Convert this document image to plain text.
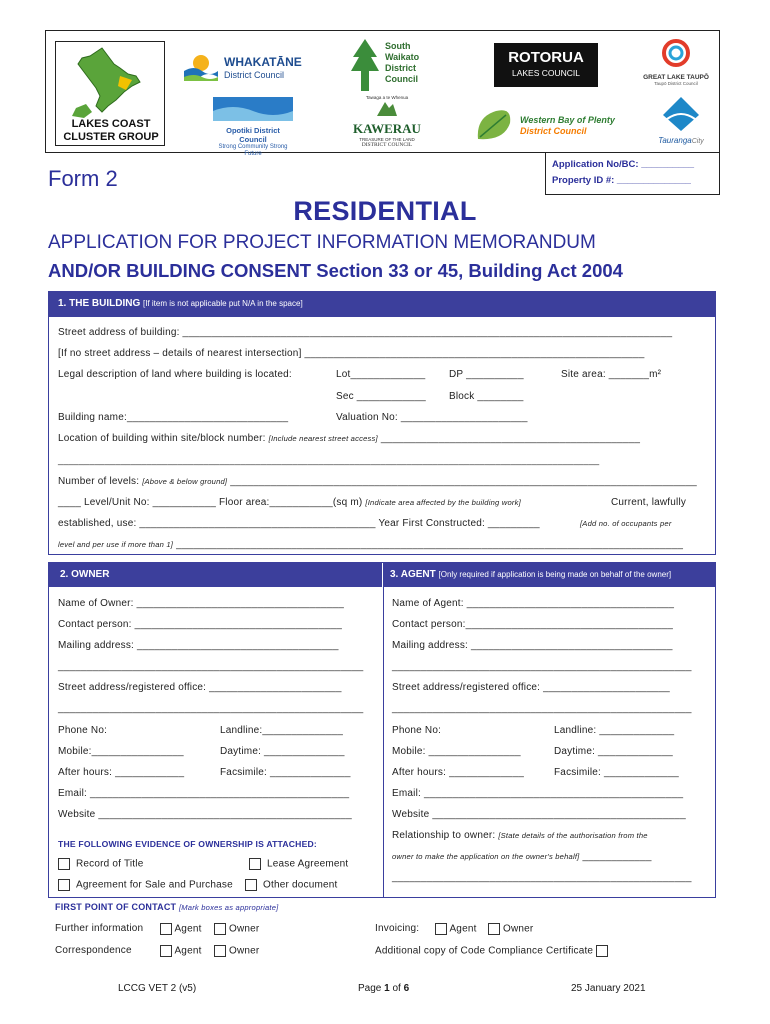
LAKES COAST
CLUSTER GROUP
WHAKATĀNE
District Council
South
Waikato
District
Council
ROTORUA
LAKES COUNCIL	GREAT LAKE TAUPŌ
Taupō District Council
Opotiki District Council
Strong Community Strong Future
Tawaga a te Whenua
KAWERAU
TREASURE OF THE LAND
DISTRICT COUNCIL
Western Bay of Plenty
District Council
TaurangaCity
Form 2
Application No/BC: __________
Property ID #: ______________
RESIDENTIAL
APPLICATION FOR PROJECT INFORMATION MEMORANDUM
AND/OR BUILDING CONSENT Section 33 or 45, Building Act 2004
1. THE BUILDING [If item is not applicable put N/A in the space]
Street address of building: _____________________________________________________________________________________
[If no street address – details of nearest intersection] ___________________________________________________________
Legal description of land where building is located:	Lot_____________ DP __________	Site area: _______m²
Sec ____________ Block ________
Building name:____________________________	Valuation No: ______________________
Location of building within site/block number: [Include nearest street access] _____________________________________________
________________________________________________________________________________________________________
Number of levels: [Above & below ground] _________________________________________________________________________________
____ Level/Unit No: ___________ Floor area:___________(sq m) [Indicate area affected by the building work]	Current, lawfully
established, use: _________________________________________ Year First Constructed: _________	[Add no. of occupants per
level and per use if more than 1] ________________________________________________________________________________________
2. OWNER	3. AGENT [Only required if application is being made on behalf of the owner]
Name of Owner: ____________________________________
Contact person: ____________________________________
Mailing address: ___________________________________
_____________________________________________________
Street address/registered office: _______________________
_____________________________________________________
Phone No:	Landline:______________
Mobile:________________	Daytime: ______________
After hours: ____________	Facsimile: ______________
Email: _____________________________________________
Website ____________________________________________
THE FOLLOWING EVIDENCE OF OWNERSHIP IS ATTACHED:
Record of Title	Lease Agreement
Agreement for Sale and Purchase	Other document
Name of Agent: ____________________________________
Contact person:____________________________________
Mailing address: ___________________________________
____________________________________________________
Street address/registered office: ______________________
____________________________________________________
Phone No:	Landline: _____________
Mobile: ________________	Daytime: _____________
After hours: _____________	Facsimile: _____________
Email: _____________________________________________
Website ____________________________________________
Relationship to owner: [State details of the authorisation from the
owner to make the application on the owner's behalf] ____________
____________________________________________________
FIRST POINT OF CONTACT [Mark boxes as appropriate]
Further information	Agent	Owner
Correspondence	Agent	Owner
Invoicing:	Agent	Owner
Additional copy of Code Compliance Certificate
LCCG VET 2 (v5)	Page 1 of 6	25 January 2021
